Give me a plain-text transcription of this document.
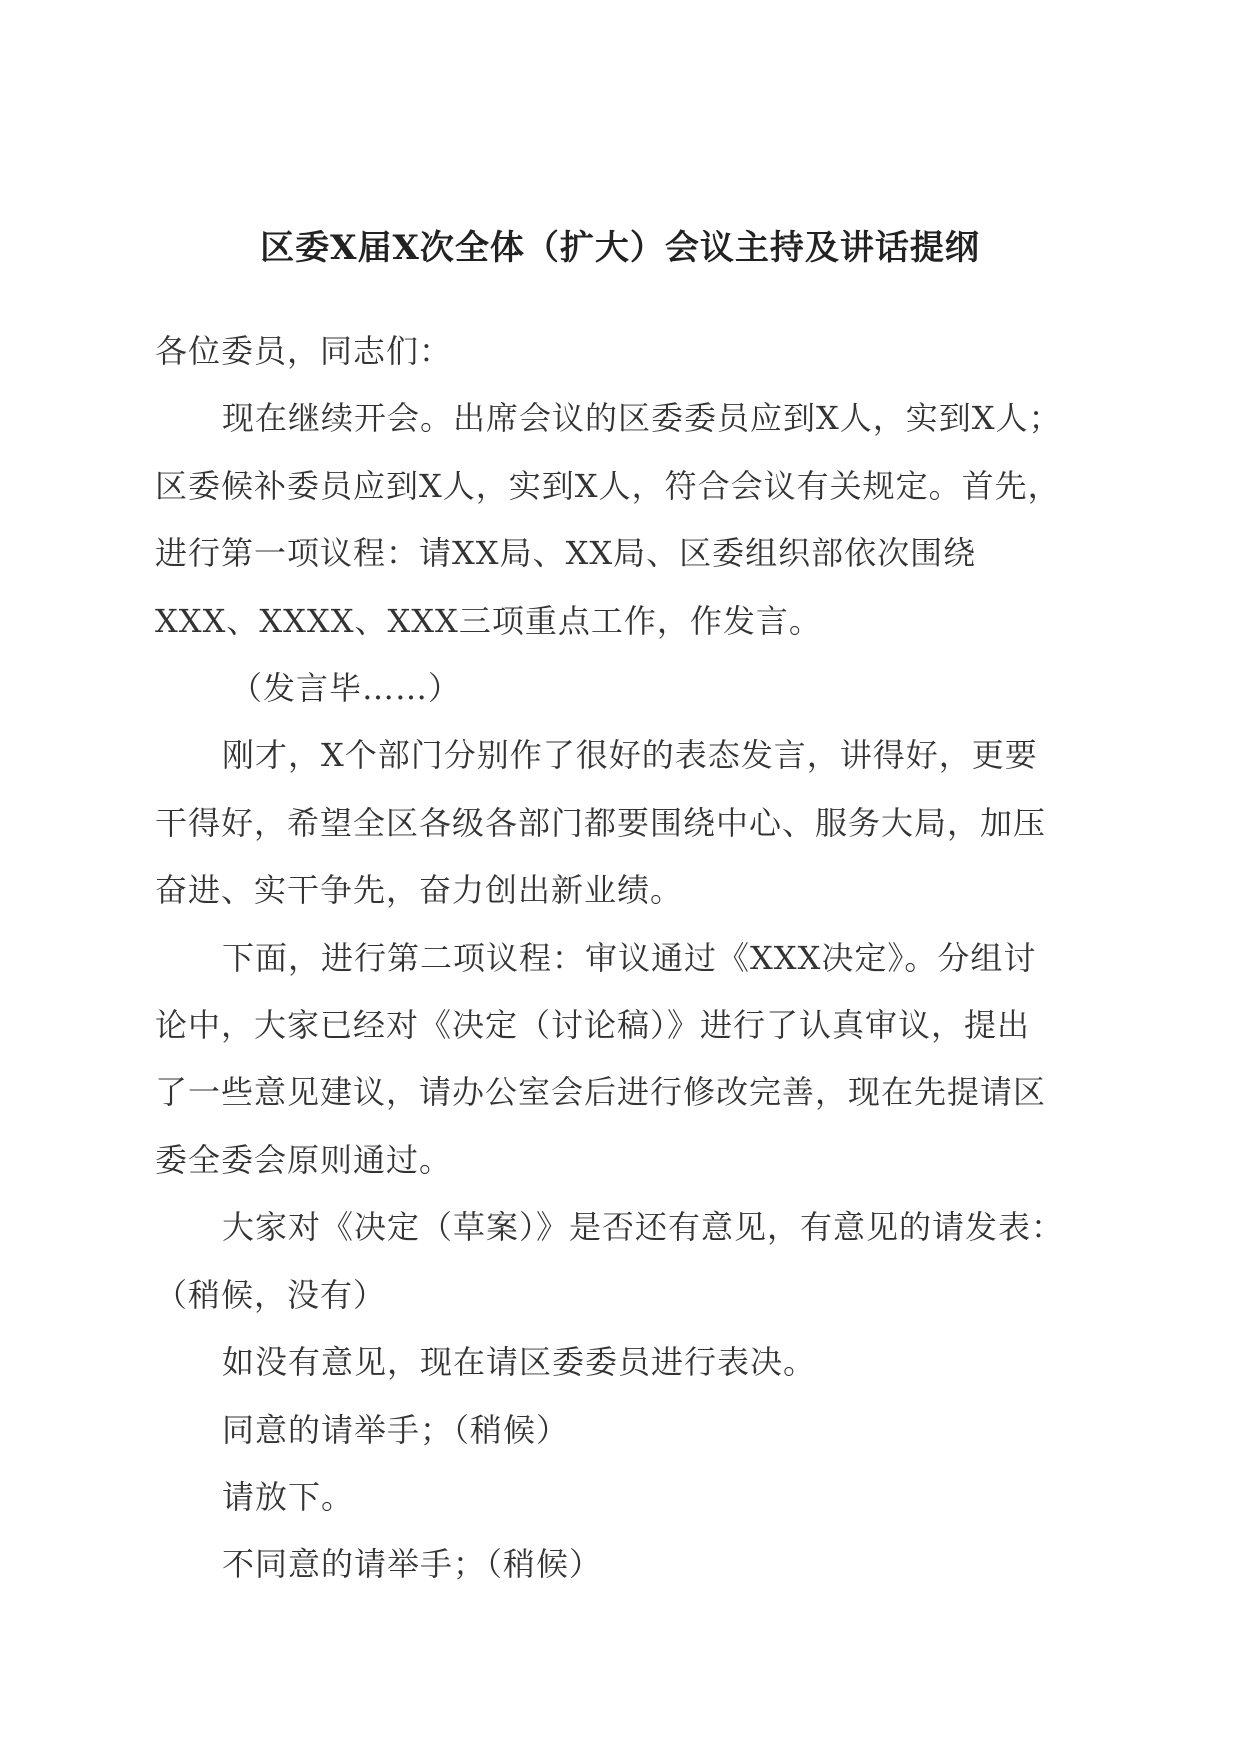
区委X届X次全体（扩大）会议主持及讲话提纲

各位委员，同志们：

现在继续开会。出席会议的区委委员应到X人，实到X人；

区委候补委员应到X人，实到X人，符合会议有关规定。首先，

进行第一项议程：请XX局、XX局、区委组织部依次围绕

XXX、XXXX、XXX三项重点工作，作发言。

（发言毕……）

刚才，X个部门分别作了很好的表态发言，讲得好，更要

干得好，希望全区各级各部门都要围绕中心、服务大局，加压

奋进、实干争先，奋力创出新业绩。

下面，进行第二项议程：审议通过《XXX决定》。分组讨

论中，大家已经对《决定（讨论稿）》进行了认真审议，提出

了一些意见建议，请办公室会后进行修改完善，现在先提请区

委全委会原则通过。

大家对《决定（草案）》是否还有意见，有意见的请发表：

（稍候，没有）

如没有意见，现在请区委委员进行表决。

同意的请举手；（稍候）

请放下。

不同意的请举手；（稍候）
